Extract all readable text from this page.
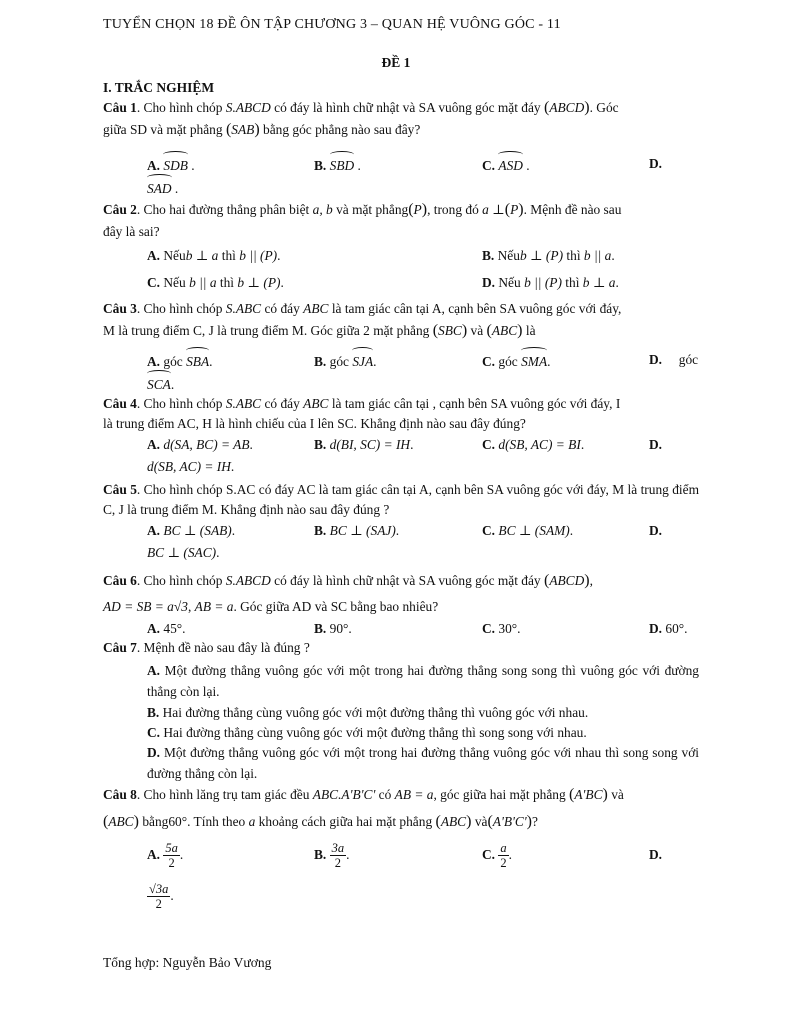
TUYỂN CHỌN 18 ĐỀ ÔN TẬP CHƯƠNG 3 – QUAN HỆ VUÔNG GÓC - 11
ĐỀ 1
I. TRẮC NGHIỆM
Câu 1. Cho hình chóp S.ABCD có đáy là hình chữ nhật và SA vuông góc mặt đáy (ABCD). Góc
giữa SD và mặt phẳng (SAB) bằng góc phẳng nào sau đây?
A. SDB .	B. SBD .	C. ASD .	D.
SAD .
Câu 2. Cho hai đường thẳng phân biệt a, b và mặt phẳng(P), trong đó a ⊥(P). Mệnh đề nào sau
đây là sai?
A. Nếub ⊥ a thì b || (P).	B. Nếub ⊥ (P) thì b || a.
C. Nếu b || a thì b ⊥ (P).	D. Nếu b || (P) thì b ⊥ a.
Câu 3. Cho hình chóp S.ABC có đáy ABC là tam giác cân tại A, cạnh bên SA vuông góc với đáy,
M là trung điểm C, J là trung điểm M. Góc giữa 2 mặt phẳng (SBC) và (ABC) là
A. góc SBA.	B. góc SJA.	C. góc SMA.	D. góc
SCA.
Câu 4. Cho hình chóp S.ABC có đáy ABC là tam giác cân tại , cạnh bên SA vuông góc với đáy, I
là trung điểm AC, H là hình chiếu của I lên SC. Khẳng định nào sau đây đúng?
A. d(SA, BC) = AB.	B. d(BI, SC) = IH.	C. d(SB, AC) = BI.	D.
d(SB, AC) = IH.
Câu 5. Cho hình chóp S.AC có đáy AC là tam giác cân tại A, cạnh bên SA vuông góc với đáy, M là trung điểm C, J là trung điểm M. Khẳng định nào sau đây đúng ?
A. BC ⊥ (SAB).	B. BC ⊥ (SAJ).	C. BC ⊥ (SAM).	D.
BC ⊥ (SAC).
Câu 6. Cho hình chóp S.ABCD có đáy là hình chữ nhật và SA vuông góc mặt đáy (ABCD),
AD = SB = a√3, AB = a. Góc giữa AD và SC bằng bao nhiêu?
A. 45°.	B. 90°.	C. 30°.	D. 60°.
Câu 7. Mệnh đề nào sau đây là đúng ?
A. Một đường thẳng vuông góc với một trong hai đường thẳng song song thì vuông góc với đường thẳng còn lại.
B. Hai đường thẳng cùng vuông góc với một đường thẳng thì vuông góc với nhau.
C. Hai đường thẳng cùng vuông góc với một đường thẳng thì song song với nhau.
D. Một đường thẳng vuông góc với một trong hai đường thẳng vuông góc với nhau thì song song với đường thẳng còn lại.
Câu 8. Cho hình lăng trụ tam giác đều ABC.A'B'C' có AB = a, góc giữa hai mặt phẳng (A'BC) và
(ABC) bằng60°. Tính theo a khoảng cách giữa hai mặt phẳng (ABC) và(A'B'C')?
A. $\frac{5a}{2}$ .	B. $\frac{3a}{2}$ .	C. $\frac{a}{2}$ .	D.
$\frac{√3a}{2}$ .
Tổng hợp: Nguyễn Bảo Vương
